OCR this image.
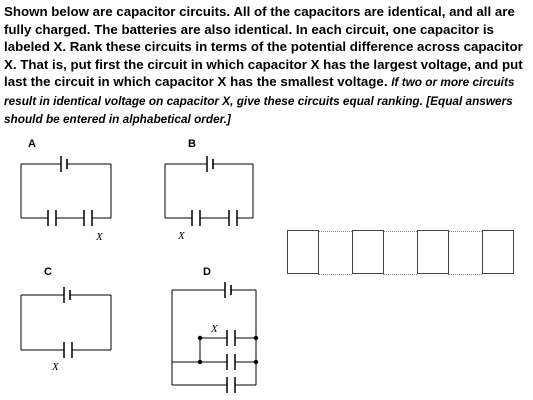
Shown below are capacitor circuits. All of the capacitors are identical, and all are fully charged. The batteries are also identical. In each circuit, one capacitor is labeled X. Rank these circuits in terms of the potential difference across capacitor X. That is, put first the circuit in which capacitor X has the largest voltage, and put last the circuit in which capacitor X has the smallest voltage. If two or more circuits result in identical voltage on capacitor X, give these circuits equal ranking. [Equal answers should be entered in alphabetical order.]

A
X
B
X
C
X
D
X
